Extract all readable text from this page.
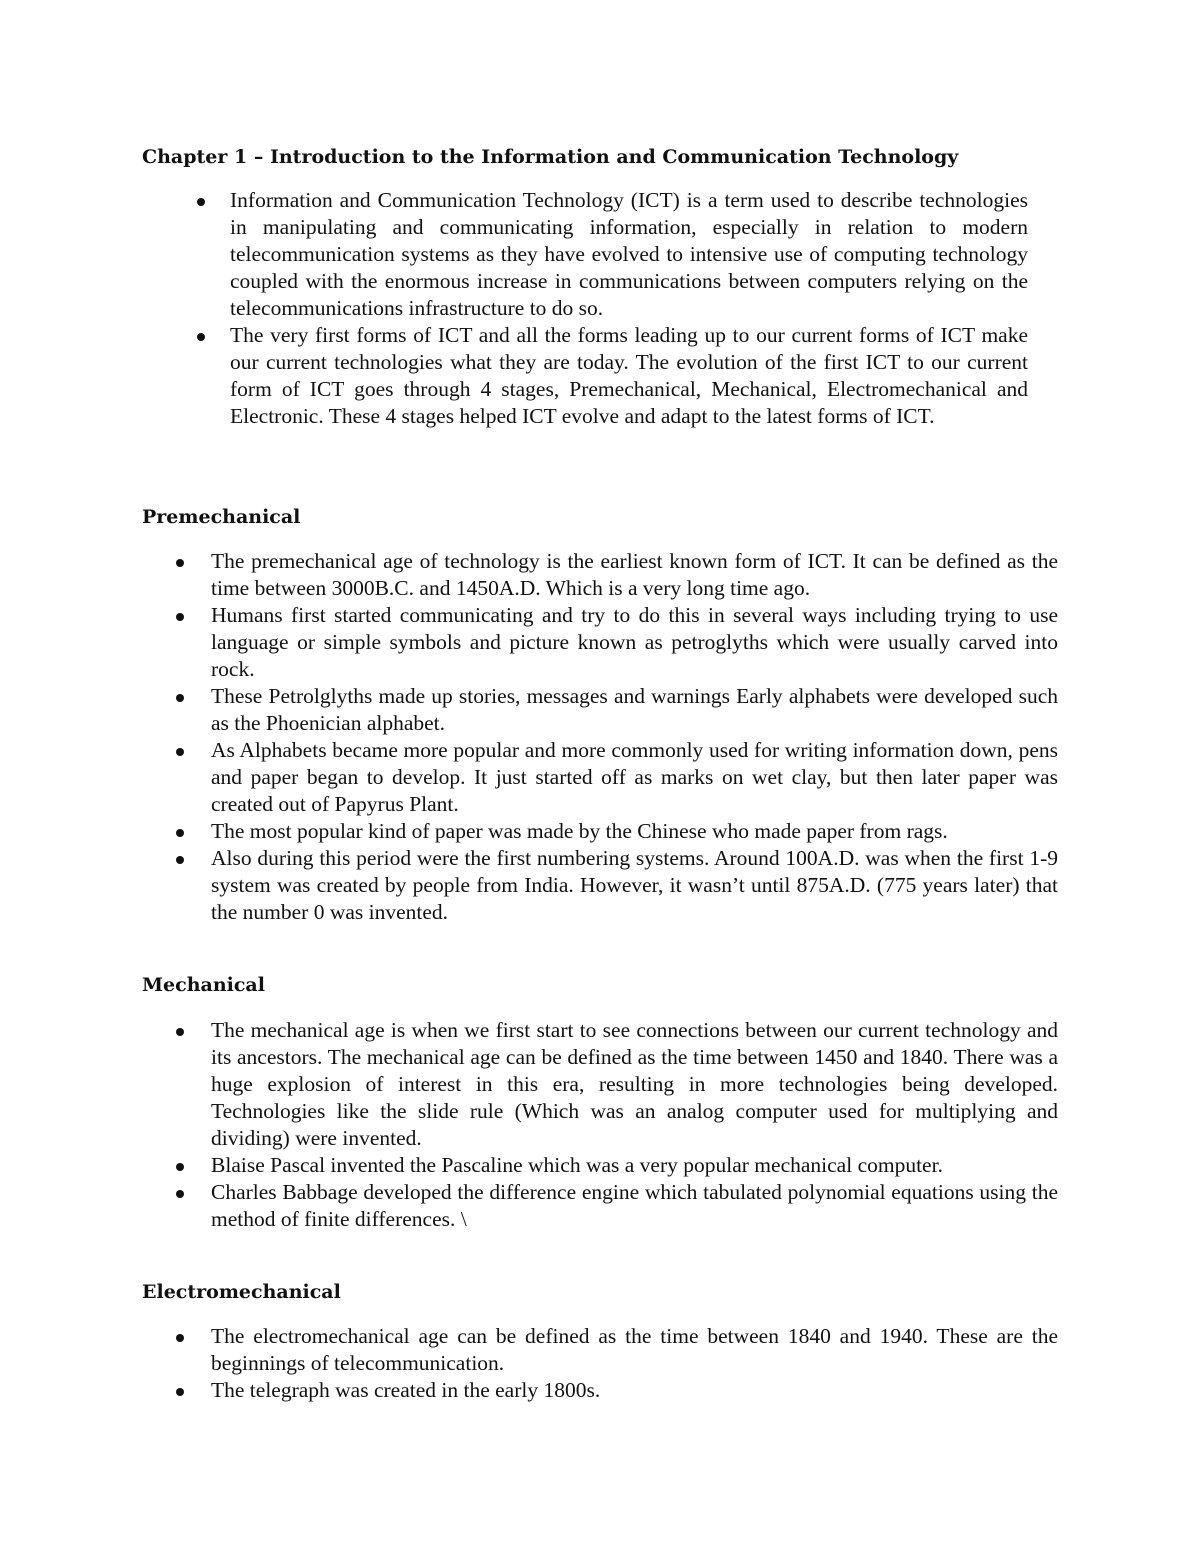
Chapter 1 – Introduction to the Information and Communication Technology
Information and Communication Technology (ICT) is a term used to describe technologies in manipulating and communicating information, especially in relation to modern telecommunication systems as they have evolved to intensive use of computing technology coupled with the enormous increase in communications between computers relying on the telecommunications infrastructure to do so.
The very first forms of ICT and all the forms leading up to our current forms of ICT make our current technologies what they are today. The evolution of the first ICT to our current form of ICT goes through 4 stages, Premechanical, Mechanical, Electromechanical and Electronic. These 4 stages helped ICT evolve and adapt to the latest forms of ICT.
Premechanical
The premechanical age of technology is the earliest known form of ICT. It can be defined as the time between 3000B.C. and 1450A.D. Which is a very long time ago.
Humans first started communicating and try to do this in several ways including trying to use language or simple symbols and picture known as petroglyths which were usually carved into rock.
These Petrolglyths made up stories, messages and warnings Early alphabets were developed such as the Phoenician alphabet.
As Alphabets became more popular and more commonly used for writing information down, pens and paper began to develop. It just started off as marks on wet clay, but then later paper was created out of Papyrus Plant.
The most popular kind of paper was made by the Chinese who made paper from rags.
Also during this period were the first numbering systems. Around 100A.D. was when the first 1-9 system was created by people from India. However, it wasn’t until 875A.D. (775 years later) that the number 0 was invented.
Mechanical
The mechanical age is when we first start to see connections between our current technology and its ancestors. The mechanical age can be defined as the time between 1450 and 1840. There was a huge explosion of interest in this era, resulting in more technologies being developed. Technologies like the slide rule (Which was an analog computer used for multiplying and dividing) were invented.
Blaise Pascal invented the Pascaline which was a very popular mechanical computer.
Charles Babbage developed the difference engine which tabulated polynomial equations using the method of finite differences. \
Electromechanical
The electromechanical age can be defined as the time between 1840 and 1940. These are the beginnings of telecommunication.
The telegraph was created in the early 1800s.
